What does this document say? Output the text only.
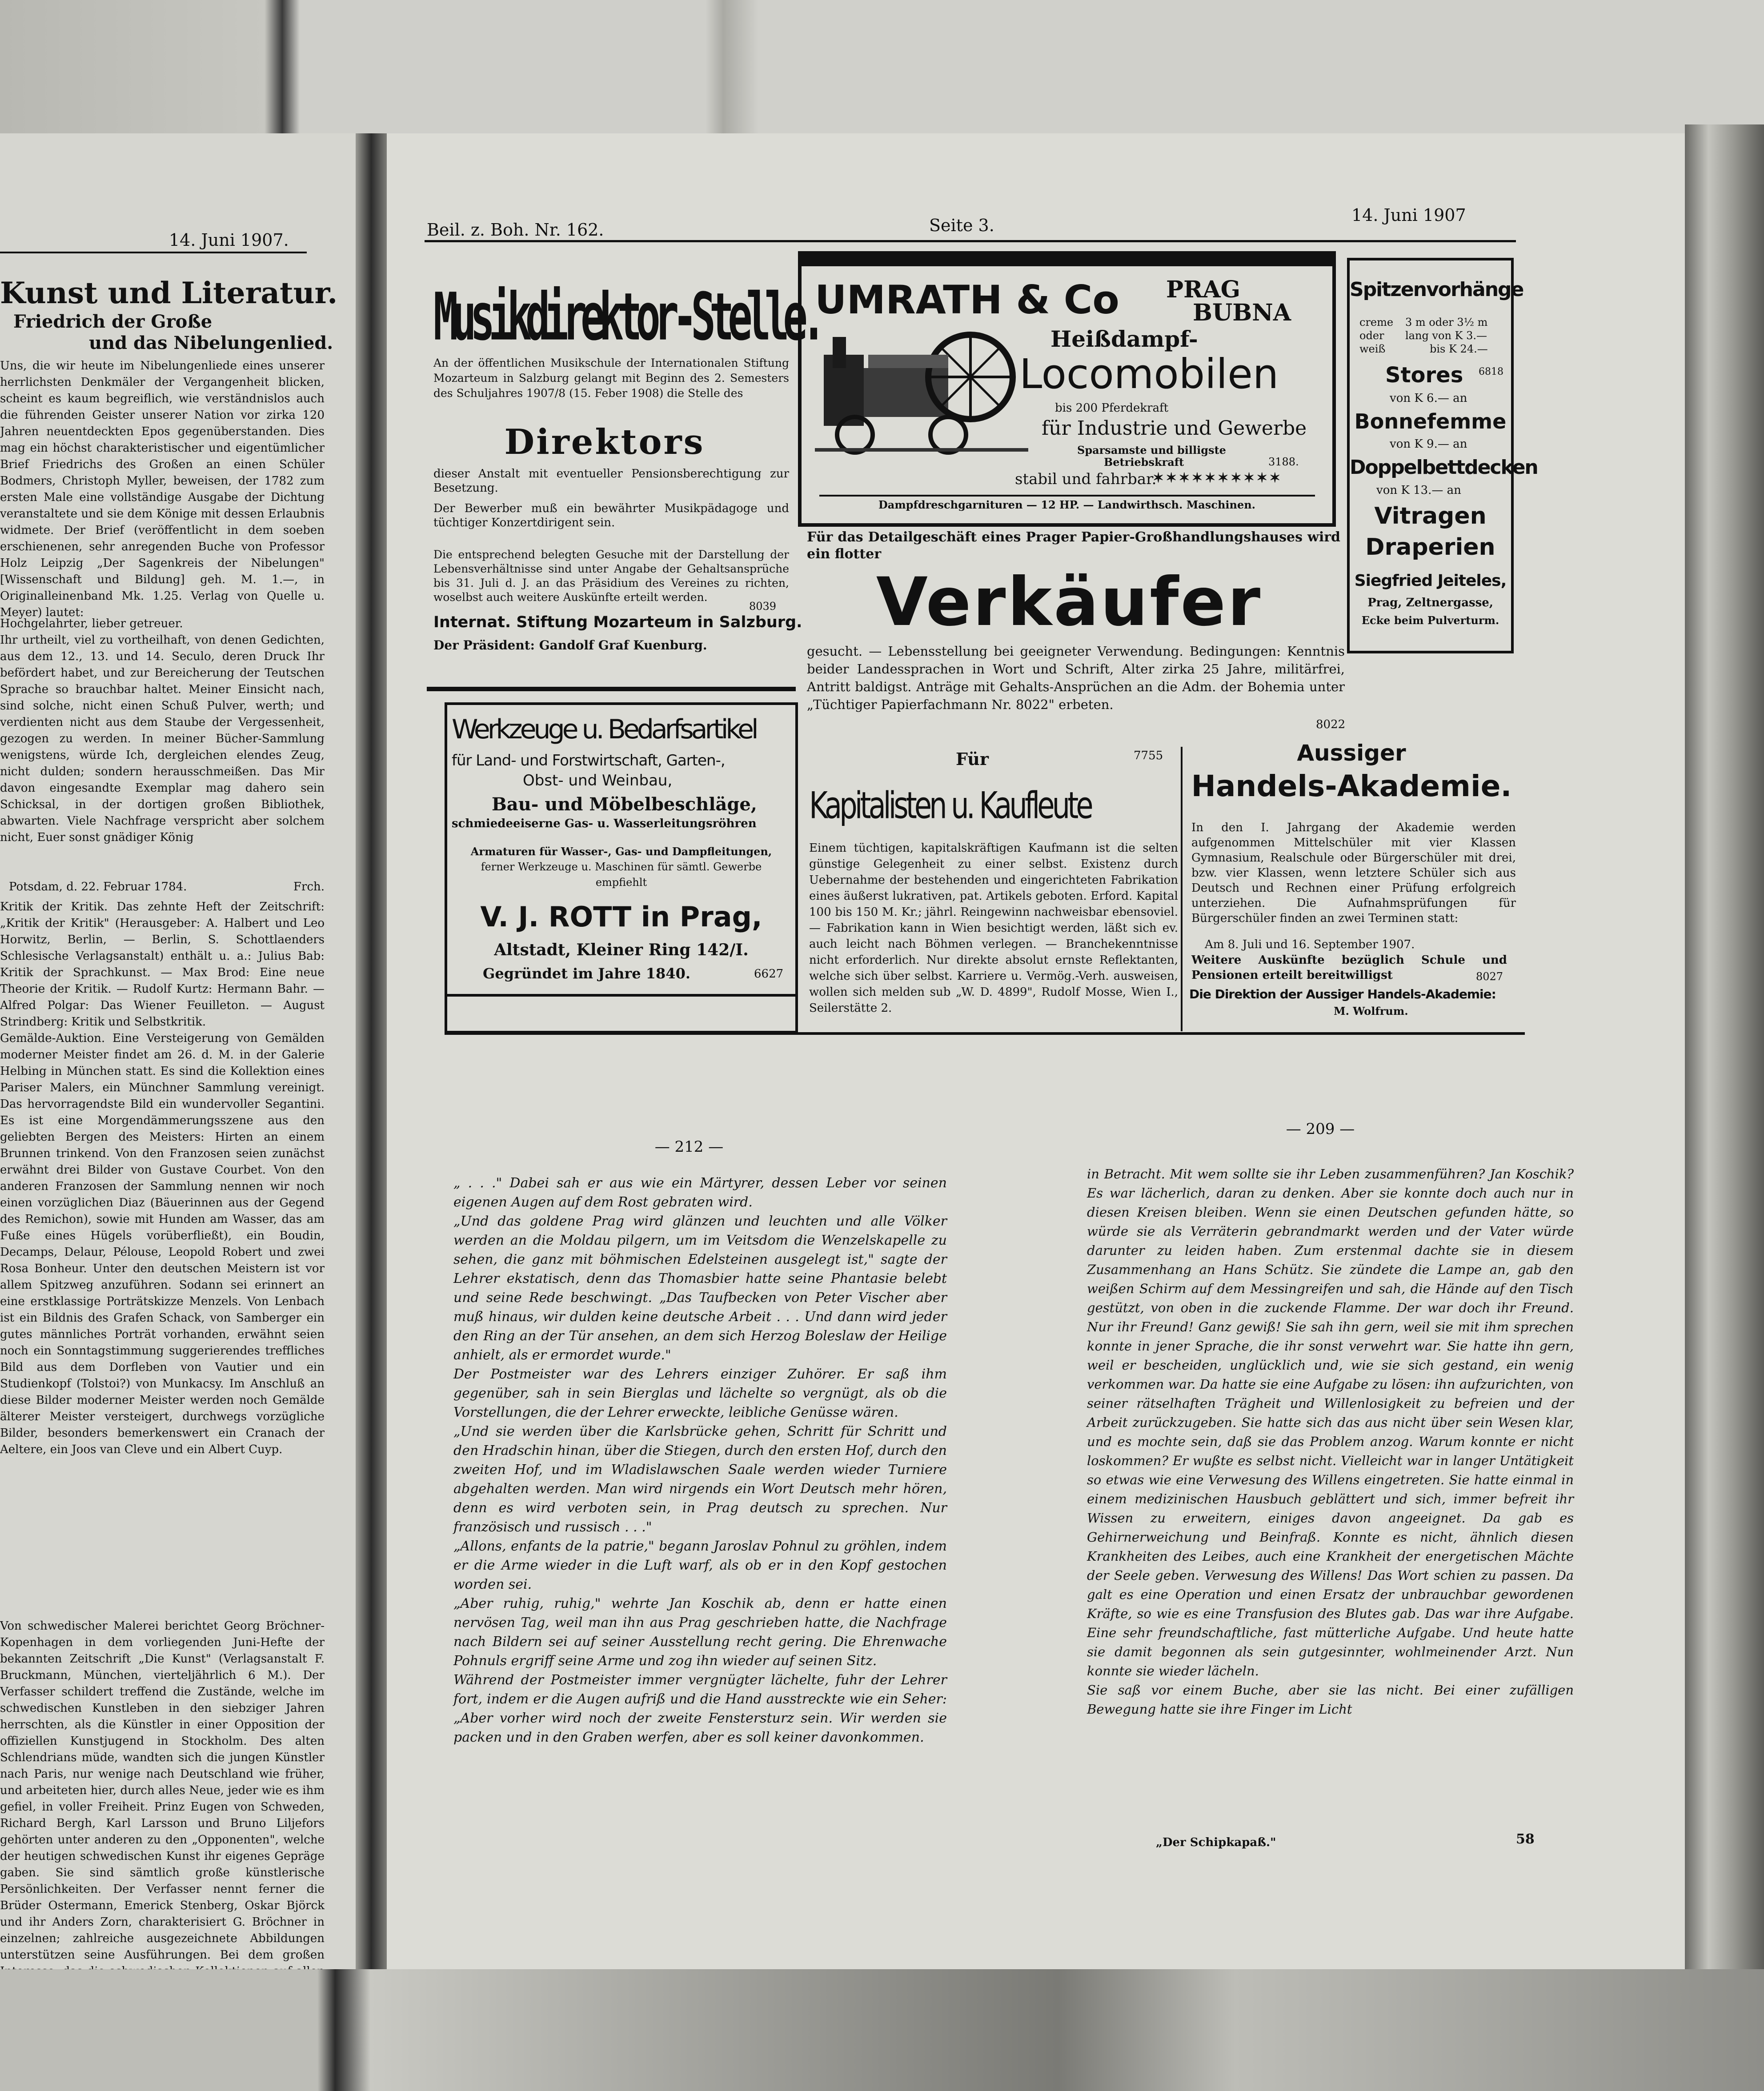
14. Juni 1907.
Kunst und Literatur.
Friedrich der Große
und das Nibelungenlied.
Uns, die wir heute im Nibelungenliede eines unserer herrlichsten Denkmäler der Vergangenheit blicken, scheint es kaum begreiflich, wie verständnislos auch die führenden Geister unserer Nation vor zirka 120 Jahren neuentdeckten Epos gegenüberstanden. Dies mag ein höchst charakteristischer und eigentümlicher Brief Friedrichs des Großen an einen Schüler Bodmers, Christoph Myller, beweisen, der 1782 zum ersten Male eine vollständige Ausgabe der Dichtung veranstaltete und sie dem Könige mit dessen Erlaubnis widmete. Der Brief (veröffentlicht in dem soeben erschienenen, sehr anregenden Buche von Professor Holz Leipzig „Der Sagenkreis der Nibelungen" [Wissenschaft und Bildung] geh. M. 1.—, in Originalleinenband Mk. 1.25. Verlag von Quelle u. Meyer) lautet:
Hochgelahrter, lieber getreuer.
Ihr urtheilt, viel zu vortheilhaft, von denen Gedichten, aus dem 12., 13. und 14. Seculo, deren Druck Ihr befördert habet, und zur Bereicherung der Teutschen Sprache so brauchbar haltet. Meiner Einsicht nach, sind solche, nicht einen Schuß Pulver, werth; und verdienten nicht aus dem Staube der Vergessenheit, gezogen zu werden. In meiner Bücher-Sammlung wenigstens, würde Ich, dergleichen elendes Zeug, nicht dulden; sondern herausschmeißen. Das Mir davon eingesandte Exemplar mag dahero sein Schicksal, in der dortigen großen Bibliothek, abwarten. Viele Nachfrage verspricht aber solchem nicht, Euer sonst gnädiger König
Potsdam, d. 22. Februar 1784.	Frch.
Kritik der Kritik. Das zehnte Heft der Zeitschrift: „Kritik der Kritik" (Herausgeber: A. Halbert und Leo Horwitz, Berlin, — Berlin, S. Schottlaenders Schlesische Verlagsanstalt) enthält u. a.: Julius Bab: Kritik der Sprachkunst. — Max Brod: Eine neue Theorie der Kritik. — Rudolf Kurtz: Hermann Bahr. — Alfred Polgar: Das Wiener Feuilleton. — August Strindberg: Kritik und Selbstkritik.
Gemälde-Auktion. Eine Versteigerung von Gemälden moderner Meister findet am 26. d. M. in der Galerie Helbing in München statt. Es sind die Kollektion eines Pariser Malers, ein Münchner Sammlung vereinigt. Das hervorragendste Bild ein wundervoller Segantini. Es ist eine Morgendämmerungsszene aus den geliebten Bergen des Meisters: Hirten an einem Brunnen trinkend. Von den Franzosen seien zunächst erwähnt drei Bilder von Gustave Courbet. Von den anderen Franzosen der Sammlung nennen wir noch einen vorzüglichen Diaz (Bäuerinnen aus der Gegend des Remichon), sowie mit Hunden am Wasser, das am Fuße eines Hügels vorüberfließt), ein Boudin, Decamps, Delaur, Pélouse, Leopold Robert und zwei Rosa Bonheur. Unter den deutschen Meistern ist vor allem Spitzweg anzuführen. Sodann sei erinnert an eine erstklassige Porträtskizze Menzels. Von Lenbach ist ein Bildnis des Grafen Schack, von Samberger ein gutes männliches Porträt vorhanden, erwähnt seien noch ein Sonntagstimmung suggerierendes treffliches Bild aus dem Dorfleben von Vautier und ein Studienkopf (Tolstoi?) von Munkacsy. Im Anschluß an diese Bilder moderner Meister werden noch Gemälde älterer Meister versteigert, durchwegs vorzügliche Bilder, besonders bemerkenswert ein Cranach der Aeltere, ein Joos van Cleve und ein Albert Cuyp.
Von schwedischer Malerei berichtet Georg Bröchner-Kopenhagen in dem vorliegenden Juni-Hefte der bekannten Zeitschrift „Die Kunst" (Verlagsanstalt F. Bruckmann, München, vierteljährlich 6 M.). Der Verfasser schildert treffend die Zustände, welche im schwedischen Kunstleben in den siebziger Jahren herrschten, als die Künstler in einer Opposition der offiziellen Kunstjugend in Stockholm. Des alten Schlendrians müde, wandten sich die jungen Künstler nach Paris, nur wenige nach Deutschland wie früher, und arbeiteten hier, durch alles Neue, jeder wie es ihm gefiel, in voller Freiheit. Prinz Eugen von Schweden, Richard Bergh, Karl Larsson und Bruno Liljefors gehörten unter anderen zu den „Opponenten", welche der heutigen schwedischen Kunst ihr eigenes Gepräge gaben. Sie sind sämtlich große künstlerische Persönlichkeiten. Der Verfasser nennt ferner die Brüder Ostermann, Emerick Stenberg, Oskar Björck und ihr Anders Zorn, charakterisiert G. Bröchner in einzelnen; zahlreiche ausgezeichnete Abbildungen unterstützen seine Ausführungen. Bei dem großen
Beil. z. Boh. Nr. 162.	Seite 3.
14. Juni 1907
Musikdirektor-Stelle.
An der öffentlichen Musikschule der Internationalen Stiftung Mozarteum in Salzburg gelangt mit Beginn des 2. Semesters des Schuljahres 1907/8 (15. Feber 1908) die Stelle des
Direktors
dieser Anstalt mit eventueller Pensionsberechtigung zur Besetzung.
Der Bewerber muß ein bewährter Musikpädagoge und tüchtiger Konzertdirigent sein.
Die entsprechend belegten Gesuche mit der Darstellung der Lebensverhältnisse sind unter Angabe der Gehaltsansprüche bis 31. Juli d. J. an das Präsidium des Vereines zu richten, woselbst auch weitere Auskünfte erteilt werden.
8039
Internat. Stiftung Mozarteum in Salzburg.
Der Präsident: Gandolf Graf Kuenburg.
UMRATH & Co PRAG
BUBNA
Heißdampf-
Locomobilen
bis 200 Pferdekraft
für Industrie und Gewerbe
Sparsamste und billigste
Betriebskraft	3188.
stabil und fahrbar.
✶✶✶✶✶✶✶✶✶✶
Dampfdreschgarnituren — 12 HP. — Landwirthsch. Maschinen.
Spitzenvorhänge
creme 3 m oder 3½ m
oder lang von K 3.—
weiß	bis K 24.—
Stores 6818
von K 6.— an
Bonnefemme
von K 9.— an
Doppelbettdecken
von K 13.— an
Vitragen
Draperien
Siegfried Jeiteles,
Prag, Zeltnergasse,
Ecke beim Pulverturm.
Für das Detailgeschäft eines Prager Papier-Großhandlungshauses wird ein flotter
Verkäufer
gesucht. — Lebensstellung bei geeigneter Verwendung. Bedingungen: Kenntnis beider Landessprachen in Wort und Schrift, Alter zirka 25 Jahre, militärfrei, Antritt baldigst. Anträge mit Gehalts-Ansprüchen an die Adm. der Bohemia unter „Tüchtiger Papierfachmann Nr. 8022" erbeten.
8022
Werkzeuge u. Bedarfsartikel
für Land- und Forstwirtschaft, Garten-,
Obst- und Weinbau,
Bau- und Möbelbeschläge,
schmiedeeiserne Gas- u. Wasserleitungsröhren
Armaturen für Wasser-, Gas- und Dampfleitungen,
ferner Werkzeuge u. Maschinen für sämtl. Gewerbe
empfiehlt
V. J. ROTT in Prag,
Altstadt, Kleiner Ring 142/I.
Gegründet im Jahre 1840.	6627
Für	7755
Kapitalisten u. Kaufleute
Einem tüchtigen, kapitalskräftigen Kaufmann ist die selten günstige Gelegenheit zu einer selbst. Existenz durch Uebernahme der bestehenden und eingerichteten Fabrikation eines äußerst lukrativen, pat. Artikels geboten. Erford. Kapital 100 bis 150 M. Kr.; jährl. Reingewinn nachweisbar ebensoviel. — Fabrikation kann in Wien besichtigt werden, läßt sich ev. auch leicht nach Böhmen verlegen. — Branchekenntnisse nicht erforderlich. Nur direkte absolut ernste Reflektanten, welche sich über selbst. Karriere u. Vermög.-Verh. ausweisen, wollen sich melden sub „W. D. 4899", Rudolf Mosse, Wien I., Seilerstätte 2.
Aussiger
Handels-Akademie.
In den I. Jahrgang der Akademie werden aufgenommen Mittelschüler mit vier Klassen Gymnasium, Realschule oder Bürgerschüler mit drei, bzw. vier Klassen, wenn letztere Schüler sich aus Deutsch und Rechnen einer Prüfung erfolgreich unterziehen. Die Aufnahmsprüfungen für Bürgerschüler finden an zwei Terminen statt:
Am 8. Juli und 16. September 1907.
Weitere Auskünfte bezüglich Schule und Pensionen erteilt bereitwilligst	8027
Die Direktion der Aussiger Handels-Akademie:
M. Wolfrum.
— 212 —
„ . . ." Dabei sah er aus wie ein Märtyrer, dessen Leber vor seinen eigenen Augen auf dem Rost gebraten wird.
„Und das goldene Prag wird glänzen und leuchten und alle Völker werden an die Moldau pilgern, um im Veitsdom die Wenzelskapelle zu sehen, die ganz mit böhmischen Edelsteinen ausgelegt ist," sagte der Lehrer ekstatisch, denn das Thomasbier hatte seine Phantasie belebt und seine Rede beschwingt. „Das Taufbecken von Peter Vischer aber muß hinaus, wir dulden keine deutsche Arbeit . . . Und dann wird jeder den Ring an der Tür ansehen, an dem sich Herzog Boleslaw der Heilige anhielt, als er ermordet wurde."
Der Postmeister war des Lehrers einziger Zuhörer. Er saß ihm gegenüber, sah in sein Bierglas und lächelte so vergnügt, als ob die Vorstellungen, die der Lehrer erweckte, leibliche Genüsse wären.
„Und sie werden über die Karlsbrücke gehen, Schritt für Schritt und den Hradschin hinan, über die Stiegen, durch den ersten Hof, durch den zweiten Hof, und im Wladislawschen Saale werden wieder Turniere abgehalten werden. Man wird nirgends ein Wort Deutsch mehr hören, denn es wird verboten sein, in Prag deutsch zu sprechen. Nur französisch und russisch . . ."
„Allons, enfants de la patrie," begann Jaroslav Pohnul zu gröhlen, indem er die Arme wieder in die Luft warf, als ob er in den Kopf gestochen worden sei.
„Aber ruhig, ruhig," wehrte Jan Koschik ab, denn er hatte einen nervösen Tag, weil man ihn aus Prag geschrieben hatte, die Nachfrage nach Bildern sei auf seiner Ausstellung recht gering. Die Ehrenwache Pohnuls ergriff seine Arme und zog ihn wieder auf seinen Sitz.
Während der Postmeister immer vergnügter lächelte, fuhr der Lehrer fort, indem er die Augen aufriß und die Hand ausstreckte wie ein Seher: „Aber vorher wird noch der zweite Fenstersturz sein. Wir werden sie packen und in den Graben werfen, aber es soll keiner davonkommen.
— 209 —
in Betracht. Mit wem sollte sie ihr Leben zusammenführen? Jan Koschik? Es war lächerlich, daran zu denken. Aber sie konnte doch auch nur in diesen Kreisen bleiben. Wenn sie einen Deutschen gefunden hätte, so würde sie als Verräterin gebrandmarkt werden und der Vater würde darunter zu leiden haben. Zum erstenmal dachte sie in diesem Zusammenhang an Hans Schütz. Sie zündete die Lampe an, gab den weißen Schirm auf dem Messingreifen und sah, die Hände auf den Tisch gestützt, von oben in die zuckende Flamme. Der war doch ihr Freund. Nur ihr Freund! Ganz gewiß! Sie sah ihn gern, weil sie mit ihm sprechen konnte in jener Sprache, die ihr sonst verwehrt war. Sie hatte ihn gern, weil er bescheiden, unglücklich und, wie sie sich gestand, ein wenig verkommen war. Da hatte sie eine Aufgabe zu lösen: ihn aufzurichten, von seiner rätselhaften Trägheit und Willenlosigkeit zu befreien und der Arbeit zurückzugeben. Sie hatte sich das aus nicht über sein Wesen klar, und es mochte sein, daß sie das Problem anzog. Warum konnte er nicht loskommen? Er wußte es selbst nicht. Vielleicht war in langer Untätigkeit so etwas wie eine Verwesung des Willens eingetreten. Sie hatte einmal in einem medizinischen Hausbuch geblättert und sich, immer befreit ihr Wissen zu erweitern, einiges davon angeeignet. Da gab es Gehirnerweichung und Beinfraß. Konnte es nicht, ähnlich diesen Krankheiten des Leibes, auch eine Krankheit der energetischen Mächte der Seele geben. Verwesung des Willens! Das Wort schien zu passen. Da galt es eine Operation und einen Ersatz der unbrauchbar gewordenen Kräfte, so wie es eine Transfusion des Blutes gab. Das war ihre Aufgabe. Eine sehr freundschaftliche, fast mütterliche Aufgabe. Und heute hatte sie damit begonnen als sein gutgesinnter, wohlmeinender Arzt. Nun konnte sie wieder lächeln.
Sie saß vor einem Buche, aber sie las nicht. Bei einer zufälligen Bewegung hatte sie ihre Finger im Licht
„Der Schipkapaß."	58
